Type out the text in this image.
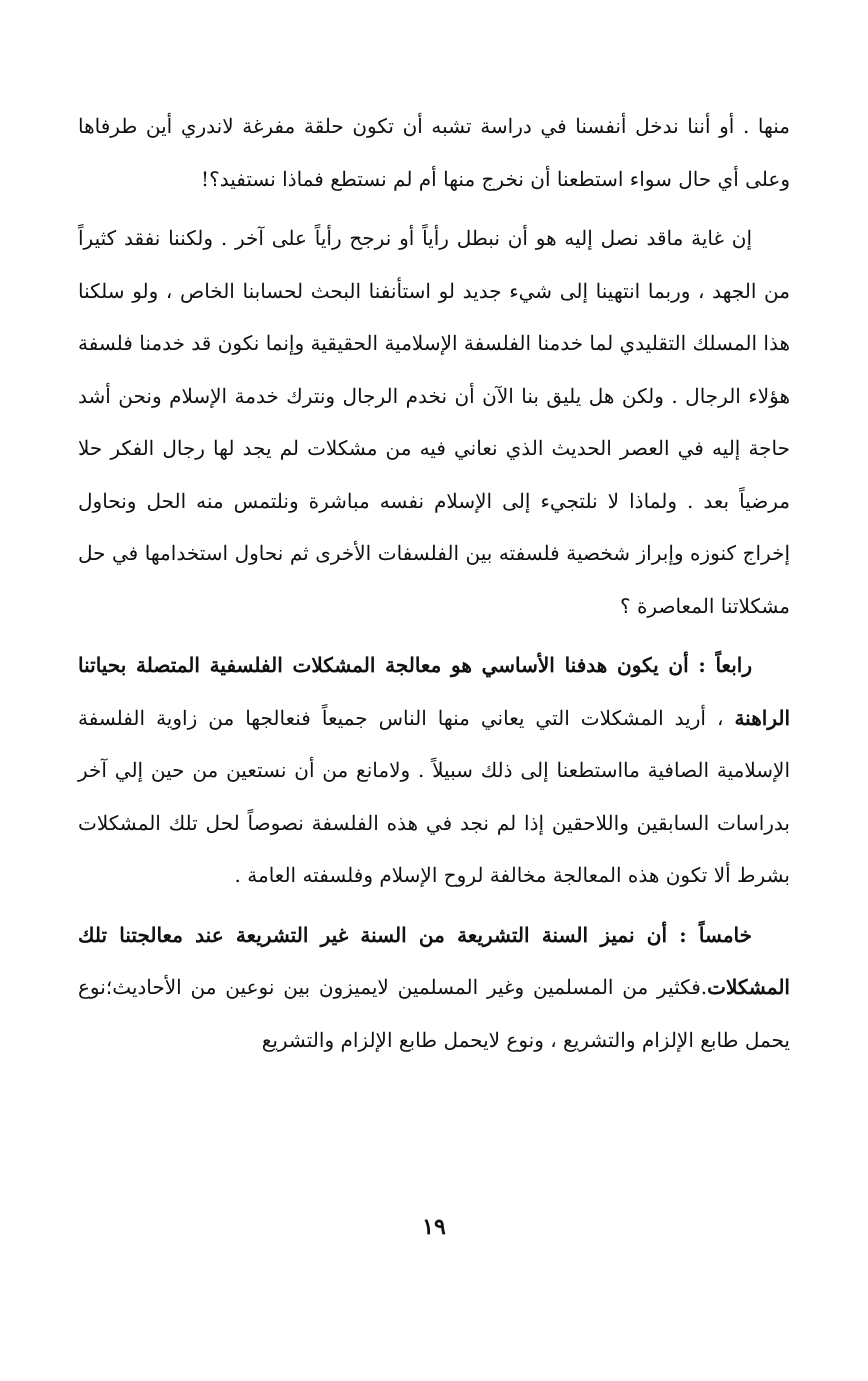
منها . أو أننا ندخل أنفسنا في دراسة تشبه أن تكون حلقة مفرغة لاندري أين طرفاها وعلى أي حال سواء استطعنا أن نخرج منها أم لم نستطع فماذا نستفيد؟!

إن غاية ماقد نصل إليه هو أن نبطل رأياً أو نرجح رأياً على آخر . ولكننا نفقد كثيراً من الجهد ، وربما انتهينا إلى شيء جديد لو استأنفنا البحث لحسابنا الخاص ، ولو سلكنا هذا المسلك التقليدي لما خدمنا الفلسفة الإسلامية الحقيقية وإنما نكون قد خدمنا فلسفة هؤلاء الرجال . ولكن هل يليق بنا الآن أن نخدم الرجال ونترك خدمة الإسلام ونحن أشد حاجة إليه في العصر الحديث الذي نعاني فيه من مشكلات لم يجد لها رجال الفكر حلا مرضياً بعد . ولماذا لا نلتجيء إلى الإسلام نفسه مباشرة ونلتمس منه الحل ونحاول إخراج كنوزه وإبراز شخصية فلسفته بين الفلسفات الأخرى ثم نحاول استخدامها في حل مشكلاتنا المعاصرة ؟

رابعاً : أن يكون هدفنا الأساسي هو معالجة المشكلات الفلسفية المتصلة بحياتنا الراهنة ، أريد المشكلات التي يعاني منها الناس جميعاً فنعالجها من زاوية الفلسفة الإسلامية الصافية مااستطعنا إلى ذلك سبيلاً . ولامانع من أن نستعين من حين إلي آخر بدراسات السابقين واللاحقين إذا لم نجد في هذه الفلسفة نصوصاً لحل تلك المشكلات بشرط ألا تكون هذه المعالجة مخالفة لروح الإسلام وفلسفته العامة .

خامساً : أن نميز السنة التشريعة من السنة غير التشريعة عند معالجتنا تلك المشكلات.فكثير من المسلمين وغير المسلمين لايميزون بين نوعين من الأحاديث؛نوع يحمل طابع الإلزام والتشريع ، ونوع لايحمل طابع الإلزام والتشريع

١٩
